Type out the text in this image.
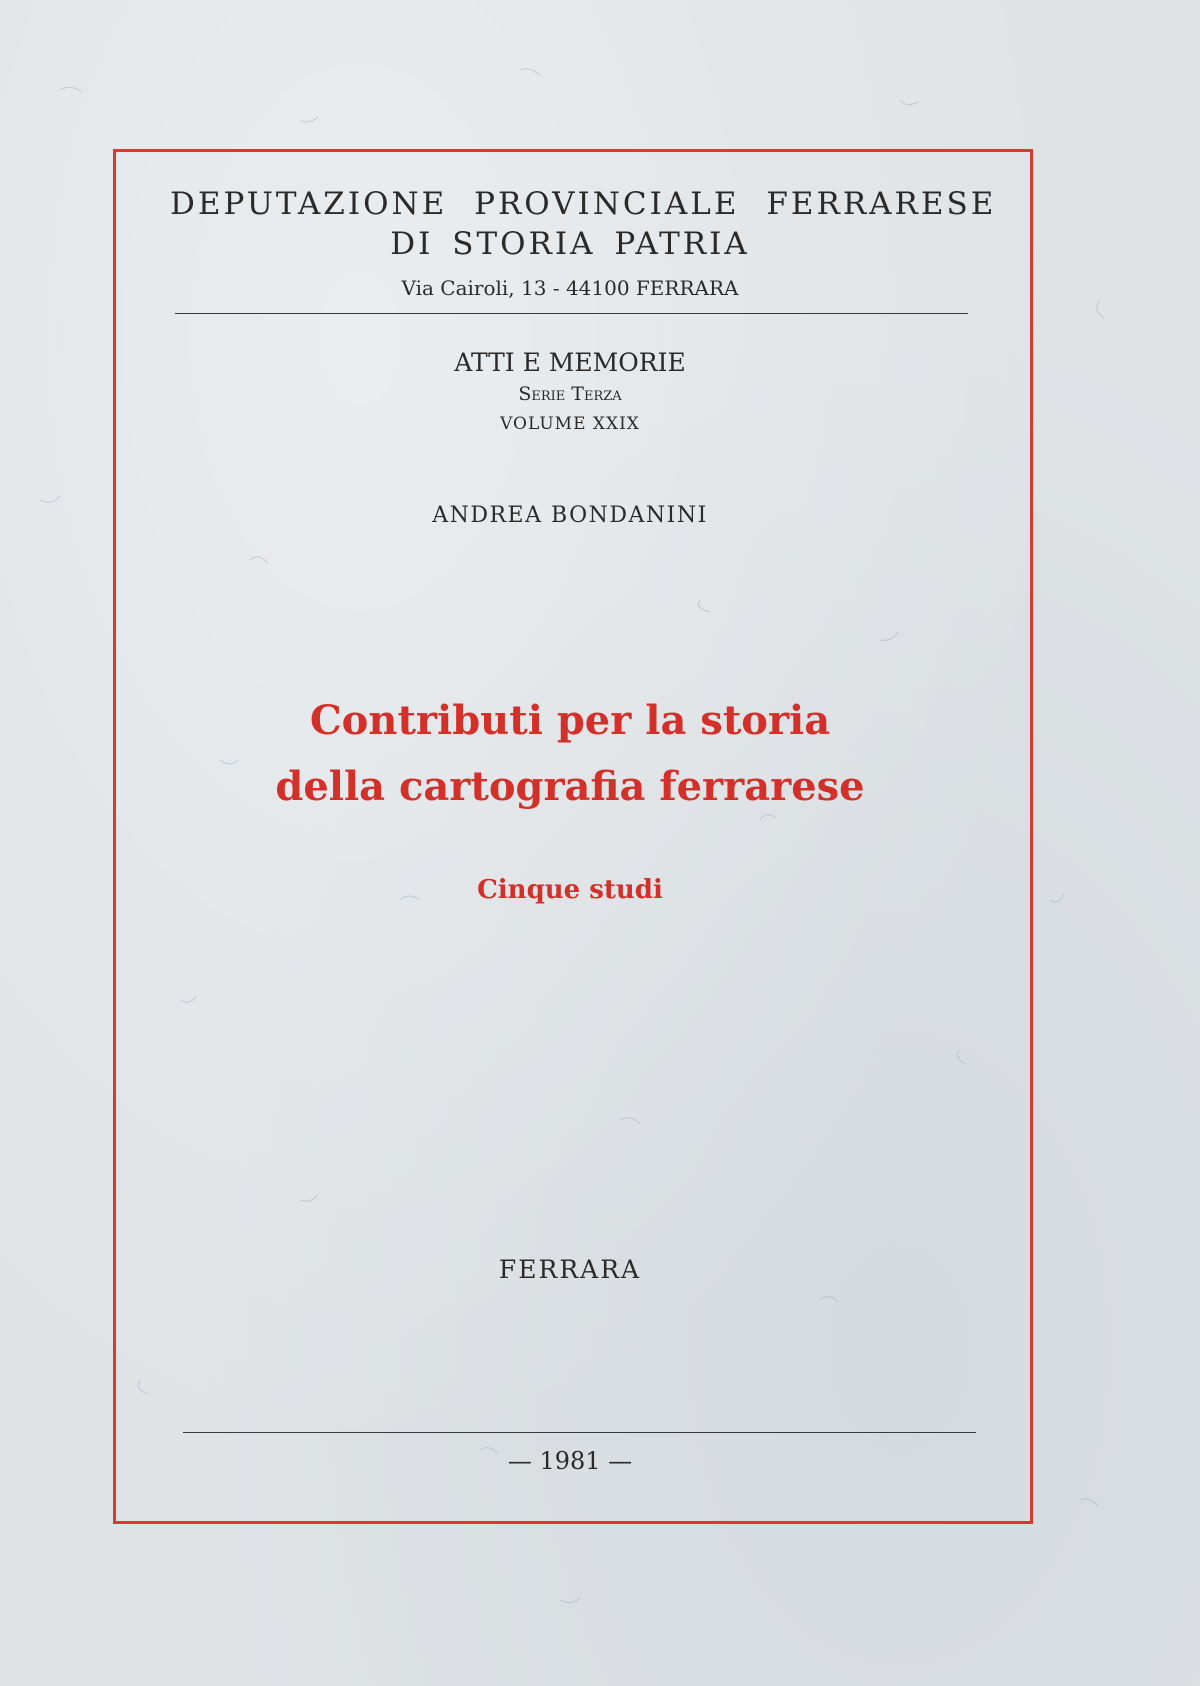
DEPUTAZIONE PROVINCIALE FERRARESE
DI STORIA PATRIA
Via Cairoli, 13 - 44100 FERRARA
ATTI E MEMORIE
Serie Terza
VOLUME XXIX
ANDREA BONDANINI
Contributi per la storia
della cartografia ferrarese
Cinque studi
FERRARA
— 1981 —
